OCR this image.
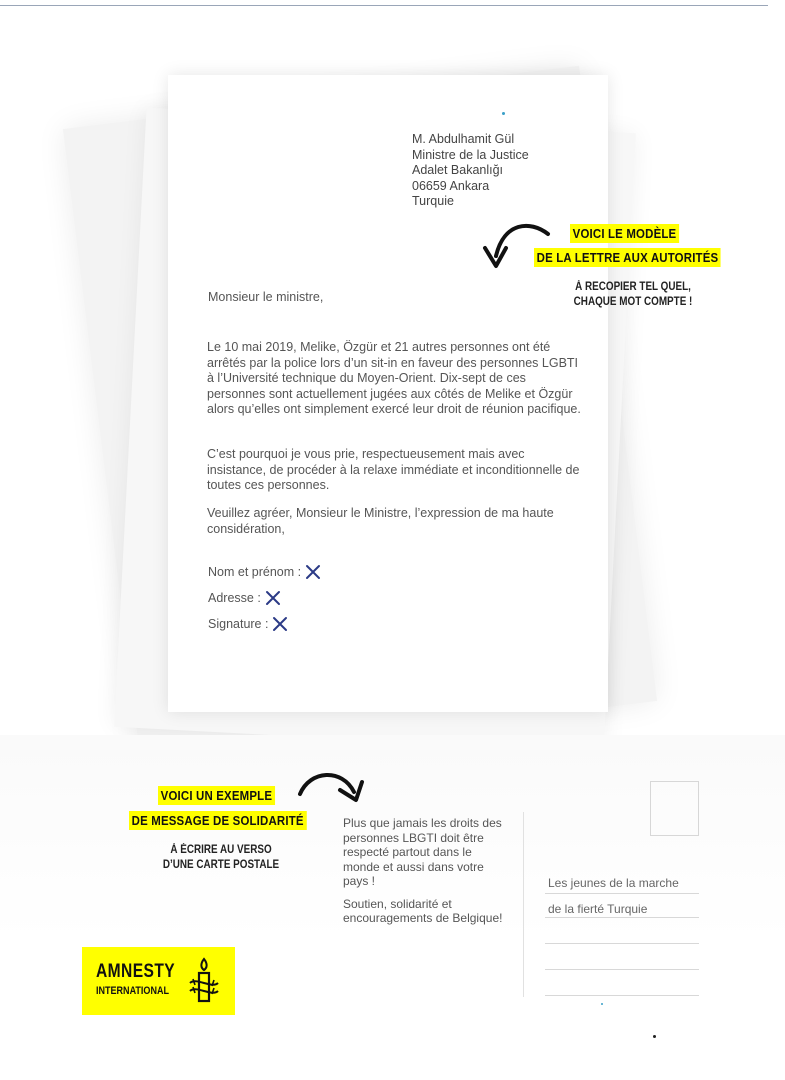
M. Abdulhamit Gül
Ministre de la Justice
Adalet Bakanlığı
06659 Ankara
Turquie
VOICI LE MODÈLE
DE LA LETTRE AUX AUTORITÉS
À RECOPIER TEL QUEL,
CHAQUE MOT COMPTE !
Monsieur le ministre,
Le 10 mai 2019, Melike, Özgür et 21 autres personnes ont été arrêtés par la police lors d’un sit-in en faveur des personnes LGBTI à l’Université technique du Moyen-Orient. Dix-sept de ces personnes sont actuellement jugées aux côtés de Melike et Özgür alors qu’elles ont simplement exercé leur droit de réunion pacifique.
C’est pourquoi je vous prie, respectueusement mais avec insistance, de procéder à la relaxe immédiate et inconditionnelle de toutes ces personnes.
Veuillez agréer, Monsieur le Ministre, l’expression de ma haute considération,
Nom et prénom :
Adresse :
Signature :
VOICI UN EXEMPLE
DE MESSAGE DE SOLIDARITÉ
À ÉCRIRE AU VERSO
D’UNE CARTE POSTALE

Plus que jamais les droits des personnes LBGTI doit être respecté partout dans le monde et aussi dans votre pays !

Soutien, solidarité et encouragements de Belgique!

Les jeunes de la marche
de la fierté Turquie
AMNESTY
INTERNATIONAL
